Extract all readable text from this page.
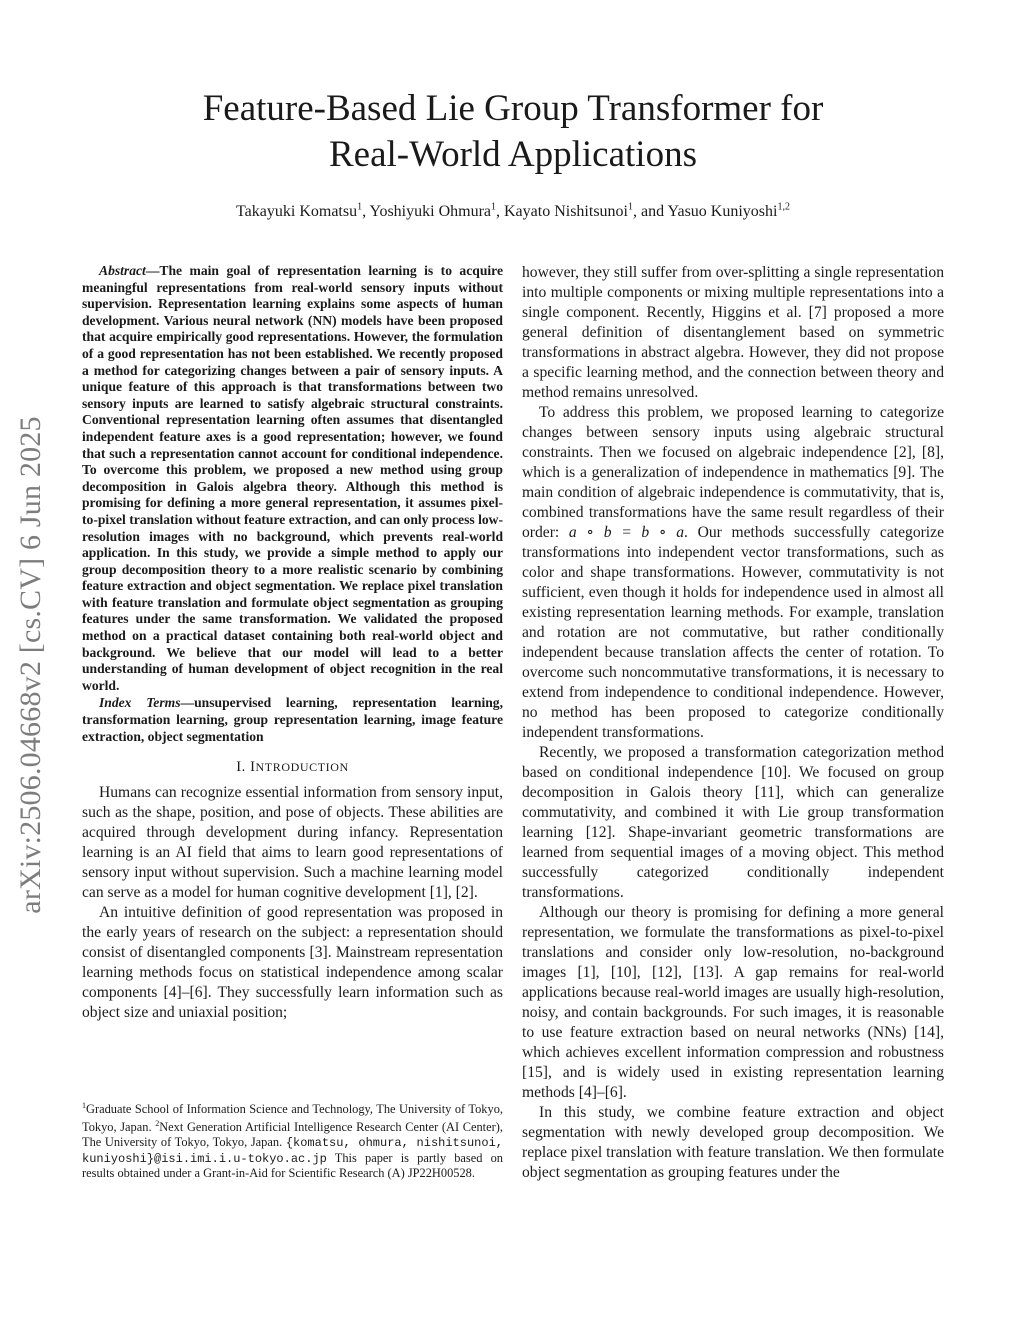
arXiv:2506.04668v2 [cs.CV] 6 Jun 2025
Feature-Based Lie Group Transformer for
Real-World Applications
Takayuki Komatsu$^1$, Yoshiyuki Ohmura$^1$, Kayato Nishitsunoi$^1$, and Yasuo Kuniyoshi$^{1,2}$

Abstract—The main goal of representation learning is to acquire meaningful representations from real-world sensory inputs without supervision. Representation learning explains some aspects of human development. Various neural network (NN) models have been proposed that acquire empirically good representations. However, the formulation of a good representation has not been established. We recently proposed a method for categorizing changes between a pair of sensory inputs. A unique feature of this approach is that transformations between two sensory inputs are learned to satisfy algebraic structural constraints. Conventional representation learning often assumes that disentangled independent feature axes is a good representation; however, we found that such a representation cannot account for conditional independence. To overcome this problem, we proposed a new method using group decomposition in Galois algebra theory. Although this method is promising for defining a more general representation, it assumes pixel-to-pixel translation without feature extraction, and can only process low-resolution images with no background, which prevents real-world application. In this study, we provide a simple method to apply our group decomposition theory to a more realistic scenario by combining feature extraction and object segmentation. We replace pixel translation with feature translation and formulate object segmentation as grouping features under the same transformation. We validated the proposed method on a practical dataset containing both real-world object and background. We believe that our model will lead to a better understanding of human development of object recognition in the real world.

Index Terms—unsupervised learning, representation learning, transformation learning, group representation learning, image feature extraction, object segmentation

I. INTRODUCTION

Humans can recognize essential information from sensory input, such as the shape, position, and pose of objects. These abilities are acquired through development during infancy. Representation learning is an AI field that aims to learn good representations of sensory input without supervision. Such a machine learning model can serve as a model for human cognitive development [1], [2].

An intuitive definition of good representation was proposed in the early years of research on the subject: a representation should consist of disentangled components [3]. Mainstream representation learning methods focus on statistical independence among scalar components [4]–[6]. They successfully learn information such as object size and uniaxial position;

$^1$Graduate School of Information Science and Technology, The University of Tokyo, Tokyo, Japan. $^2$Next Generation Artificial Intelligence Research Center (AI Center), The University of Tokyo, Tokyo, Japan. {komatsu, ohmura, nishitsunoi, kuniyoshi}@isi.imi.i.u-tokyo.ac.jp This paper is partly based on results obtained under a Grant-in-Aid for Scientific Research (A) JP22H00528.

however, they still suffer from over-splitting a single representation into multiple components or mixing multiple representations into a single component. Recently, Higgins et al. [7] proposed a more general definition of disentanglement based on symmetric transformations in abstract algebra. However, they did not propose a specific learning method, and the connection between theory and method remains unresolved.

To address this problem, we proposed learning to categorize changes between sensory inputs using algebraic structural constraints. Then we focused on algebraic independence [2], [8], which is a generalization of independence in mathematics [9]. The main condition of algebraic independence is commutativity, that is, combined transformations have the same result regardless of their order: a ∘ b = b ∘ a. Our methods successfully categorize transformations into independent vector transformations, such as color and shape transformations. However, commutativity is not sufficient, even though it holds for independence used in almost all existing representation learning methods. For example, translation and rotation are not commutative, but rather conditionally independent because translation affects the center of rotation. To overcome such noncommutative transformations, it is necessary to extend from independence to conditional independence. However, no method has been proposed to categorize conditionally independent transformations.

Recently, we proposed a transformation categorization method based on conditional independence [10]. We focused on group decomposition in Galois theory [11], which can generalize commutativity, and combined it with Lie group transformation learning [12]. Shape-invariant geometric transformations are learned from sequential images of a moving object. This method successfully categorized conditionally independent transformations.

Although our theory is promising for defining a more general representation, we formulate the transformations as pixel-to-pixel translations and consider only low-resolution, no-background images [1], [10], [12], [13]. A gap remains for real-world applications because real-world images are usually high-resolution, noisy, and contain backgrounds. For such images, it is reasonable to use feature extraction based on neural networks (NNs) [14], which achieves excellent information compression and robustness [15], and is widely used in existing representation learning methods [4]–[6].

In this study, we combine feature extraction and object segmentation with newly developed group decomposition. We replace pixel translation with feature translation. We then formulate object segmentation as grouping features under the
